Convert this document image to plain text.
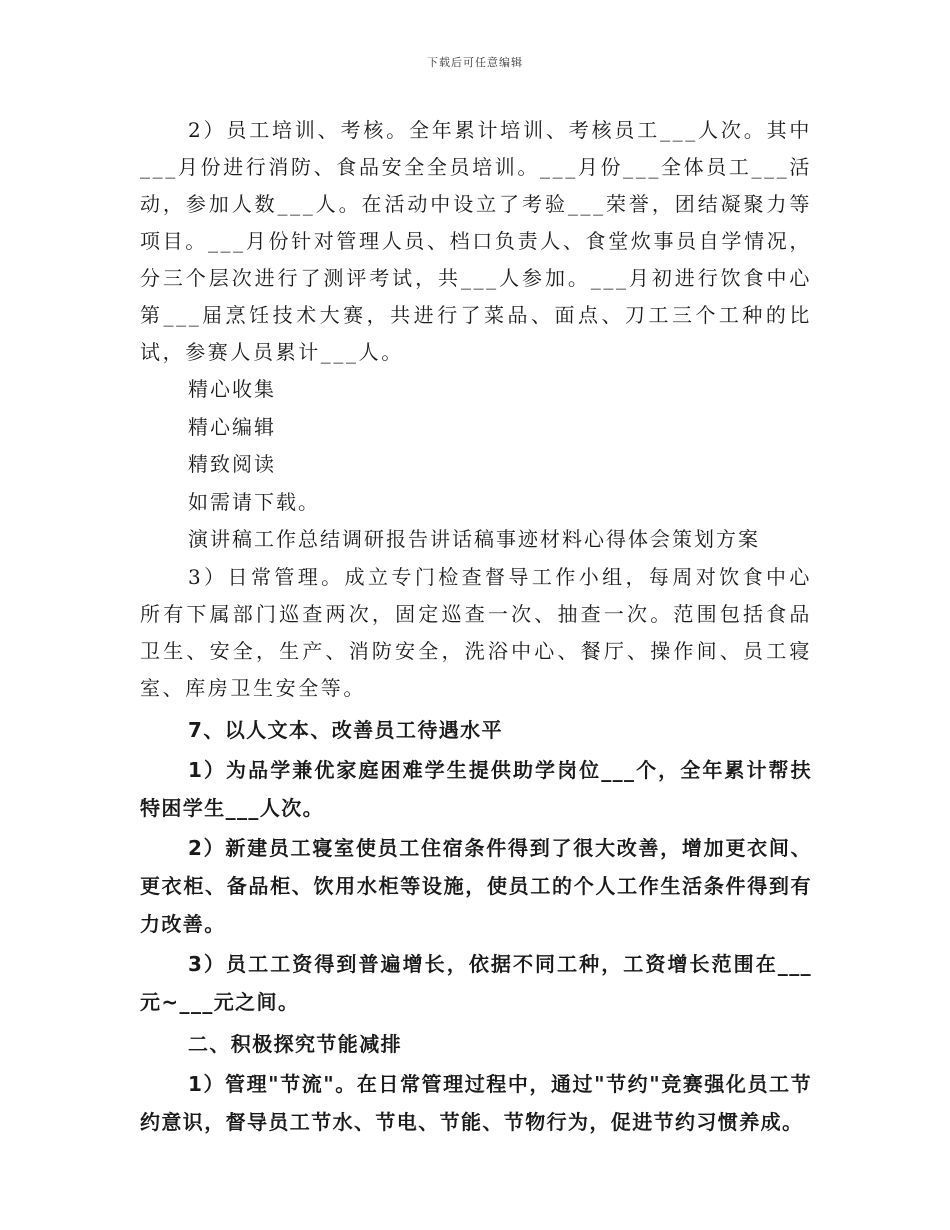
下载后可任意编辑

2）员工培训、考核。全年累计培训、考核员工___人次。其中___月份进行消防、食品安全全员培训。___月份___全体员工___活动，参加人数___人。在活动中设立了考验___荣誉，团结凝聚力等项目。___月份针对管理人员、档口负责人、食堂炊事员自学情况，分三个层次进行了测评考试，共___人参加。___月初进行饮食中心第___届烹饪技术大赛，共进行了菜品、面点、刀工三个工种的比试，参赛人员累计___人。

精心收集

精心编辑

精致阅读

如需请下载。

演讲稿工作总结调研报告讲话稿事迹材料心得体会策划方案

3）日常管理。成立专门检查督导工作小组，每周对饮食中心所有下属部门巡查两次，固定巡查一次、抽查一次。范围包括食品卫生、安全，生产、消防安全，洗浴中心、餐厅、操作间、员工寝室、库房卫生安全等。

7、以人文本、改善员工待遇水平

1）为品学兼优家庭困难学生提供助学岗位___个，全年累计帮扶特困学生___人次。

2）新建员工寝室使员工住宿条件得到了很大改善，增加更衣间、更衣柜、备品柜、饮用水柜等设施，使员工的个人工作生活条件得到有力改善。

3）员工工资得到普遍增长，依据不同工种，工资增长范围在___元~___元之间。

二、积极探究节能减排

1）管理"节流"。在日常管理过程中，通过"节约"竞赛强化员工节约意识，督导员工节水、节电、节能、节物行为，促进节约习惯养成。
